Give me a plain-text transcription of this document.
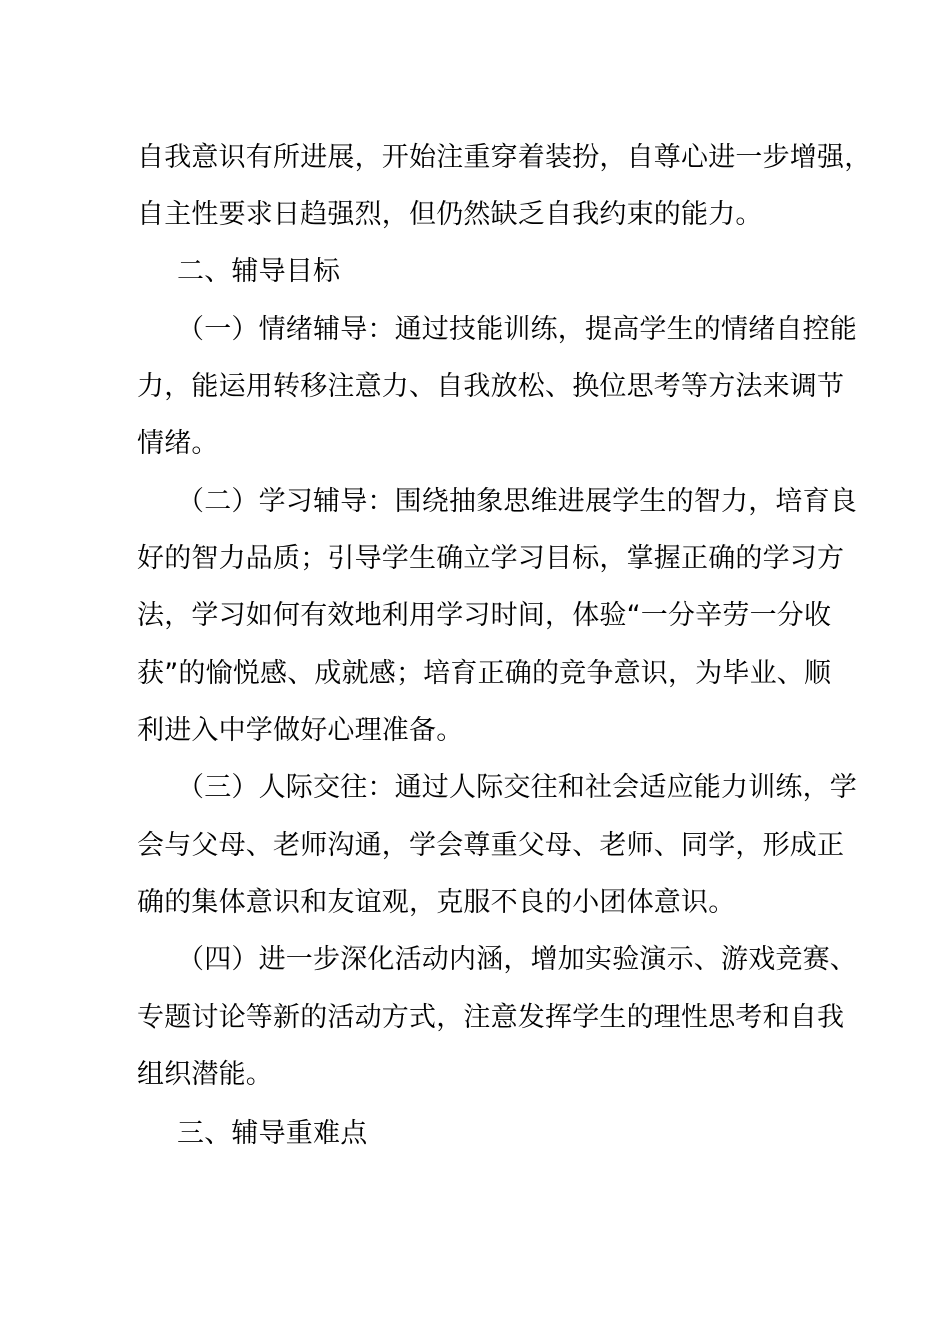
自我意识有所进展，开始注重穿着装扮，自尊心进一步增强，
自主性要求日趋强烈，但仍然缺乏自我约束的能力。
二、辅导目标
（一）情绪辅导：通过技能训练，提高学生的情绪自控能
力，能运用转移注意力、自我放松、换位思考等方法来调节
情绪。
（二）学习辅导：围绕抽象思维进展学生的智力，培育良
好的智力品质；引导学生确立学习目标，掌握正确的学习方
法，学习如何有效地利用学习时间，体验“一分辛劳一分收
获”的愉悦感、成就感；培育正确的竞争意识，为毕业、顺
利进入中学做好心理准备。
（三）人际交往：通过人际交往和社会适应能力训练，学
会与父母、老师沟通，学会尊重父母、老师、同学，形成正
确的集体意识和友谊观，克服不良的小团体意识。
（四）进一步深化活动内涵，增加实验演示、游戏竞赛、
专题讨论等新的活动方式，注意发挥学生的理性思考和自我
组织潜能。
三、辅导重难点
